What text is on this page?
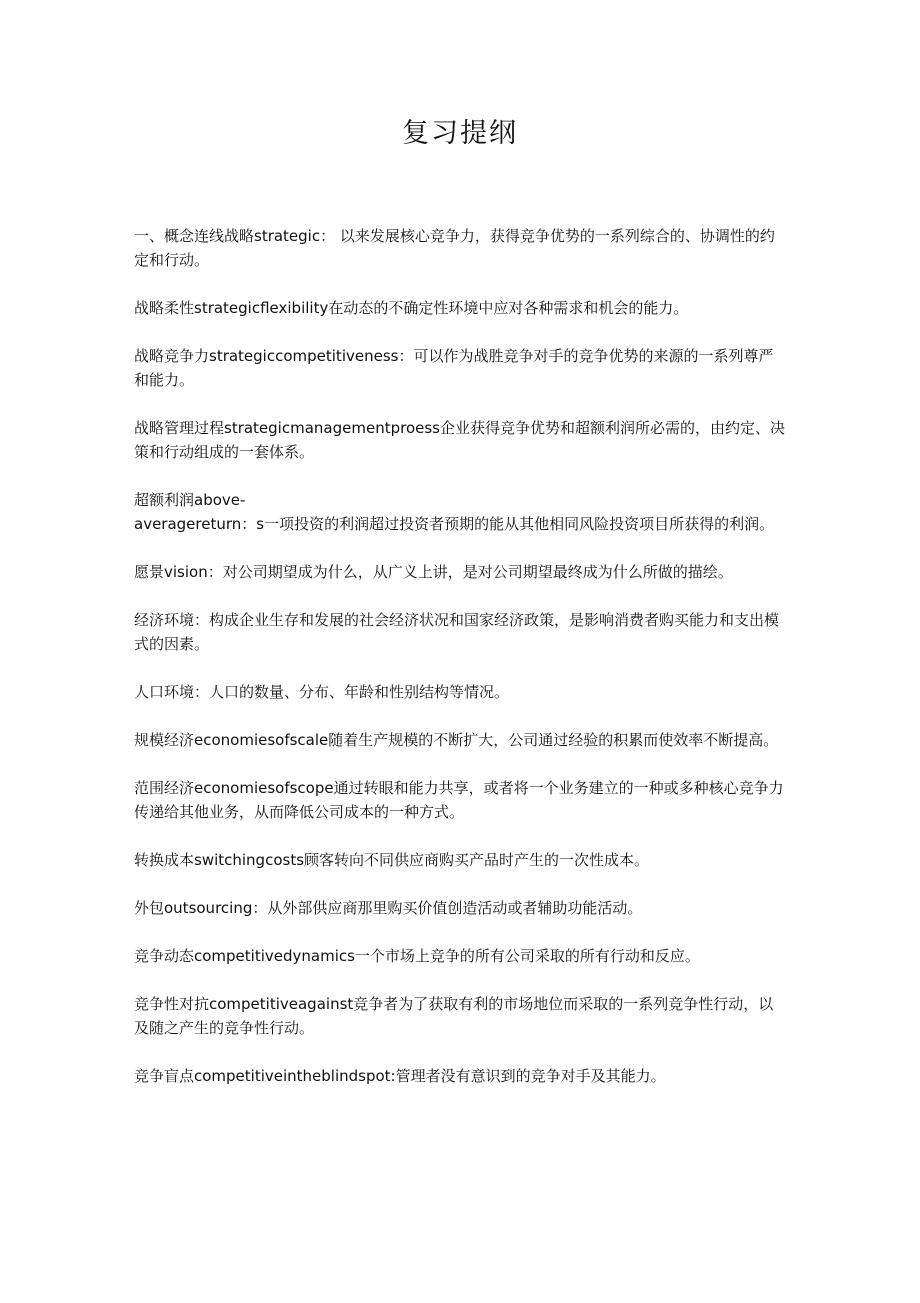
复习提纲

一、概念连线战略strategic： 以来发展核心竞争力，获得竞争优势的一系列综合的、协调性的约定和行动。

战略柔性strategicflexibility在动态的不确定性环境中应对各种需求和机会的能力。

战略竞争力strategiccompetitiveness：可以作为战胜竞争对手的竞争优势的来源的一系列尊严和能力。

战略管理过程strategicmanagementproess企业获得竞争优势和超额利润所必需的，由约定、决策和行动组成的一套体系。

超额利润above-
averagereturn：s一项投资的利润超过投资者预期的能从其他相同风险投资项目所获得的利润。

愿景vision：对公司期望成为什么，从广义上讲，是对公司期望最终成为什么所做的描绘。

经济环境：构成企业生存和发展的社会经济状况和国家经济政策，是影响消费者购买能力和支出模式的因素。

人口环境：人口的数量、分布、年龄和性别结构等情况。

规模经济economiesofscale随着生产规模的不断扩大，公司通过经验的积累而使效率不断提高。

范围经济economiesofscope通过转眼和能力共享，或者将一个业务建立的一种或多种核心竞争力传递给其他业务，从而降低公司成本的一种方式。

转换成本switchingcosts顾客转向不同供应商购买产品时产生的一次性成本。

外包outsourcing：从外部供应商那里购买价值创造活动或者辅助功能活动。

竞争动态competitivedynamics一个市场上竞争的所有公司采取的所有行动和反应。

竞争性对抗competitiveagainst竞争者为了获取有利的市场地位而采取的一系列竞争性行动，以及随之产生的竞争性行动。

竞争盲点competitiveintheblindspot:管理者没有意识到的竞争对手及其能力。
